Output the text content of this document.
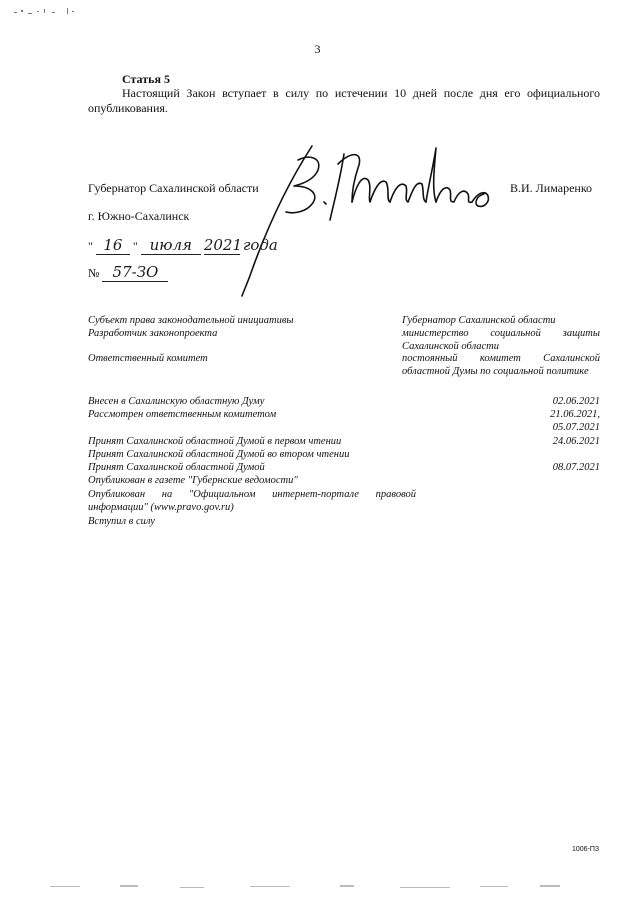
3
Статья 5
Настоящий Закон вступает в силу по истечении 10 дней после дня его официального опубликования.
Губернатор Сахалинской области	В.И. Лимаренко
г. Южно-Сахалинск
" 16 " июля 2021 года
№ 57-ЗО
Субъект права законодательной инициативы
Разработчик законопроекта
Ответственный комитет
Внесен в Сахалинскую областную Думу
Рассмотрен ответственным комитетом
Принят Сахалинской областной Думой в первом чтении
Принят Сахалинской областной Думой во втором чтении
Принят Сахалинской областной Думой
Опубликован в газете "Губернские ведомости"
Опубликован на "Официальном интернет-портале правовой информации" (www.pravo.gov.ru)
Вступил в силу
Губернатор Сахалинской области
министерство социальной защиты Сахалинской области
постоянный комитет Сахалинской областной Думы по социальной политике
02.06.2021
21.06.2021,
05.07.2021
24.06.2021
08.07.2021
1006-ПЗ
